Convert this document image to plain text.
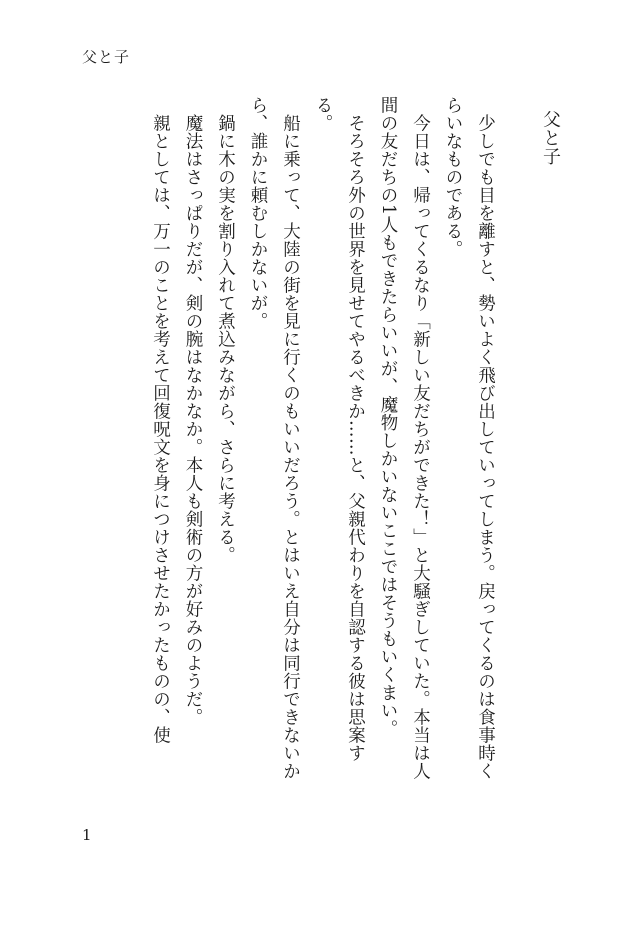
父と子
父と子

少しでも目を離すと、勢いよく飛び出していってしまう。戻ってくるのは食事時くらいなものである。

今日は、帰ってくるなり「新しい友だちができた！」と大騒ぎしていた。本当は人間の友だちの1人もできたらいいが、魔物しかいないここではそうもいくまい。

そろそろ外の世界を見せてやるべきか……と、父親代わりを自認する彼は思案する。

船に乗って、大陸の街を見に行くのもいいだろう。とはいえ自分は同行できないから、誰かに頼むしかないが。

鍋に木の実を割り入れて煮込みながら、さらに考える。

魔法はさっぱりだが、剣の腕はなかなか。本人も剣術の方が好みのようだ。

親としては、万一のことを考えて回復呪文を身につけさせたかったものの、使

1
